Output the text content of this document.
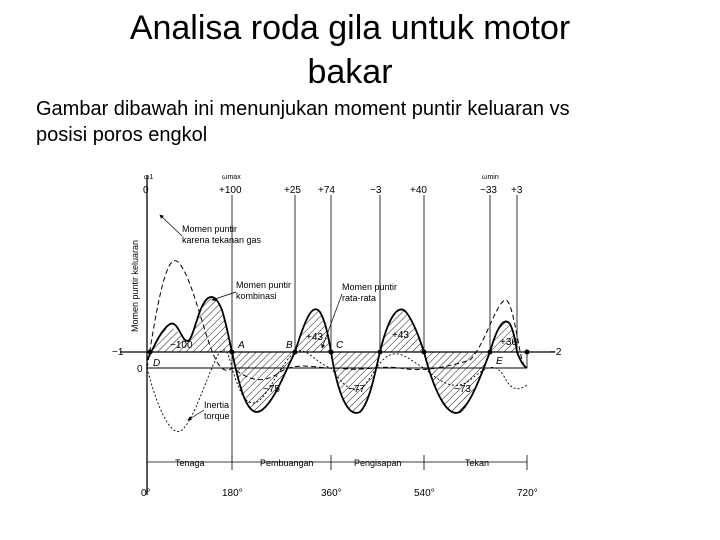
Analisa roda gila untuk motor
bakar
Gambar dibawah ini menunjukan moment puntir keluaran vs
posisi poros engkol
Momen puntir keluaran
ω1	ωmax	ωmin
0	+100	+25 +74	−3	+40	−33 +3
Momen puntir
karena tekanan gas
Momen puntir
kombinasi
Momen puntir
rata-rata
Inertia
torque
−100
+43	+43
+36
−75	−77	−73
A	B	C
D	E
−1
0
−2
Tenaga	Pembuangan	Pengisapan	Tekan
0°	180°	360°	540°	720°
